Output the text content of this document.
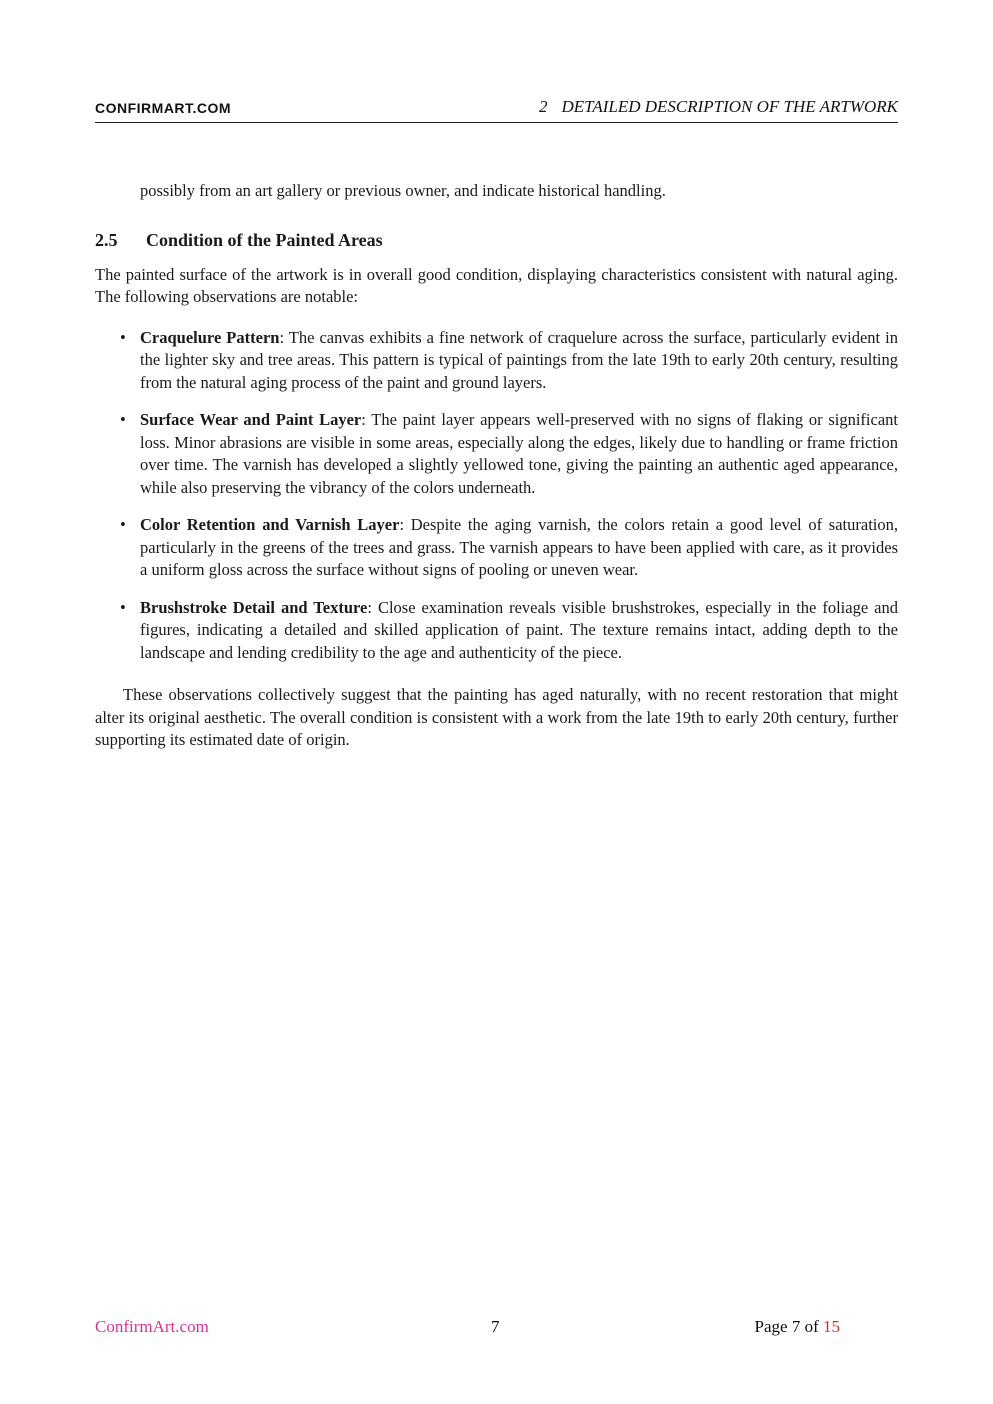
CONFIRMART.COM	2 DETAILED DESCRIPTION OF THE ARTWORK

possibly from an art gallery or previous owner, and indicate historical handling.

2.5 Condition of the Painted Areas

The painted surface of the artwork is in overall good condition, displaying characteristics consistent with natural aging. The following observations are notable:

• Craquelure Pattern: The canvas exhibits a fine network of craquelure across the surface, particularly evident in the lighter sky and tree areas. This pattern is typical of paintings from the late 19th to early 20th century, resulting from the natural aging process of the paint and ground layers.
• Surface Wear and Paint Layer: The paint layer appears well-preserved with no signs of flaking or significant loss. Minor abrasions are visible in some areas, especially along the edges, likely due to handling or frame friction over time. The varnish has developed a slightly yellowed tone, giving the painting an authentic aged appearance, while also preserving the vibrancy of the colors underneath.
• Color Retention and Varnish Layer: Despite the aging varnish, the colors retain a good level of saturation, particularly in the greens of the trees and grass. The varnish appears to have been applied with care, as it provides a uniform gloss across the surface without signs of pooling or uneven wear.
• Brushstroke Detail and Texture: Close examination reveals visible brushstrokes, especially in the foliage and figures, indicating a detailed and skilled application of paint. The texture remains intact, adding depth to the landscape and lending credibility to the age and authenticity of the piece.

These observations collectively suggest that the painting has aged naturally, with no recent restoration that might alter its original aesthetic. The overall condition is consistent with a work from the late 19th to early 20th century, further supporting its estimated date of origin.

ConfirmArt.com	7	Page 7 of 15
